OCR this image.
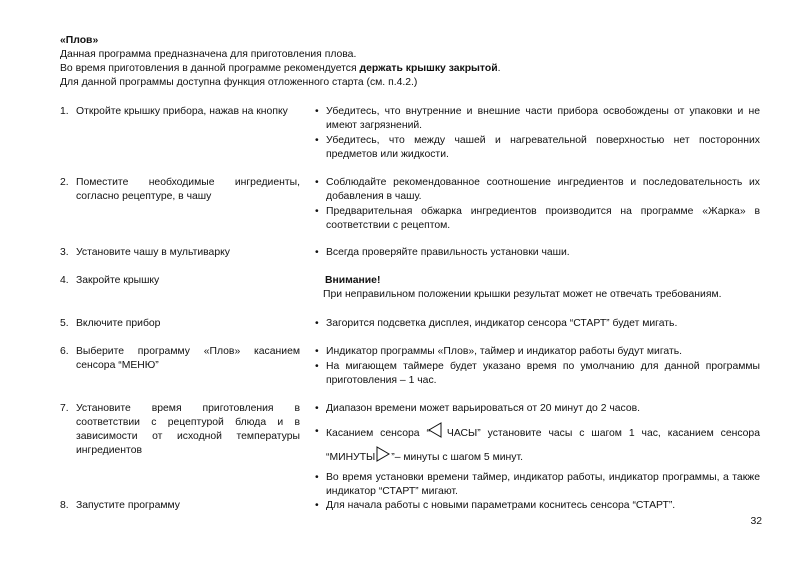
«Плов»
Данная программа предназначена для приготовления плова.
Во время приготовления в данной программе рекомендуется держать крышку закрытой.
Для данной программы доступна функция отложенного старта (см. п.4.2.)
1. Откройте крышку прибора, нажав на кнопку	• Убедитесь, что внутренние и внешние части прибора освобождены от упаковки и не имеют загрязнений.
• Убедитесь, что между чашей и нагревательной поверхностью нет посторонних предметов или жидкости.
2. Поместите необходимые ингредиенты, согласно рецептуре, в чашу
• Соблюдайте рекомендованное соотношение ингредиентов и последовательность их добавления в чашу.
• Предварительная обжарка ингредиентов производится на программе «Жарка» в соответствии с рецептом.
3. Установите чашу в мультиварку	• Всегда проверяйте правильность установки чаши.
4. Закройте крышку	Внимание!
При неправильном положении крышки результат может не отвечать требованиям.
5. Включите прибор	• Загорится подсветка дисплея, индикатор сенсора “СТАРТ” будет мигать.
6. Выберите программу «Плов» касанием сенсора “МЕНЮ”
• Индикатор программы «Плов», таймер и индикатор работы будут мигать.
• На мигающем таймере будет указано время по умолчанию для данной программы приготовления – 1 час.
7. Установите время приготовления в соответствии с рецептурой блюда и в зависимости от исходной температуры ингредиентов
• Диапазон времени может варьироваться от 20 минут до 2 часов.
• Касанием сенсора “ ЧАСЫ” установите часы с шагом 1 час, касанием сенсора “МИНУТЫ ”– минуты с шагом 5 минут.
• Во время установки времени таймер, индикатор работы, индикатор программы, а также индикатор “СТАРТ” мигают.
8. Запустите программу	• Для начала работы с новыми параметрами коснитесь сенсора “СТАРТ”.
32
